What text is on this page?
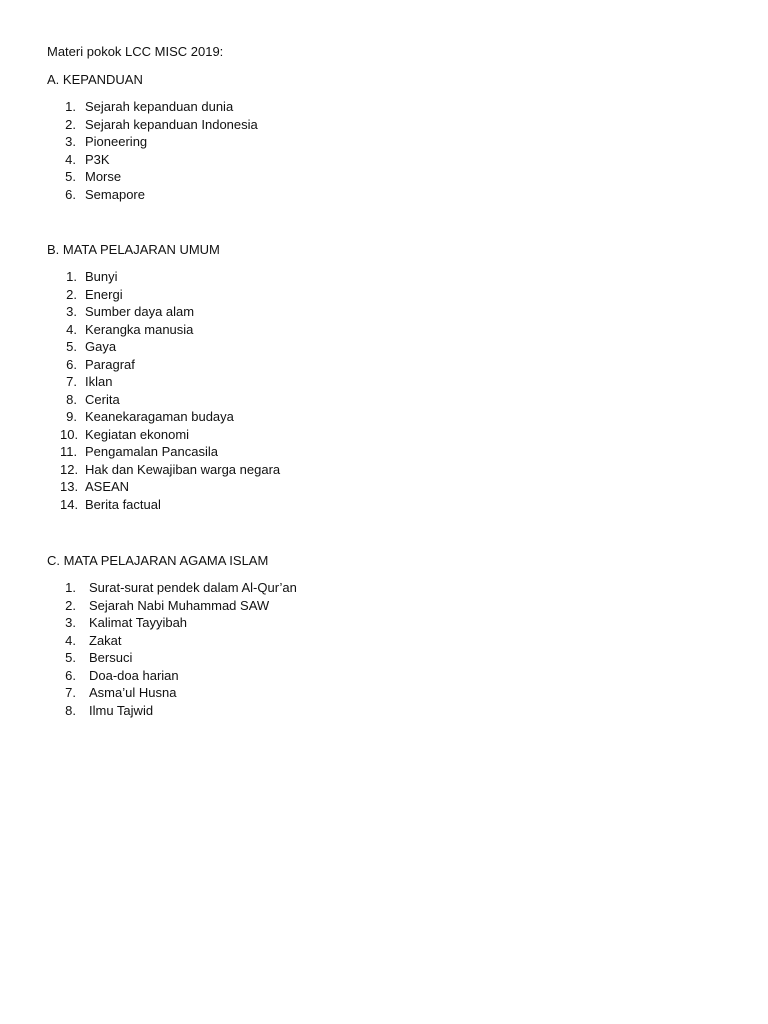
Materi pokok LCC MISC 2019:
A. KEPANDUAN
1. Sejarah kepanduan dunia
2. Sejarah kepanduan Indonesia
3. Pioneering
4. P3K
5. Morse
6. Semapore
B. MATA PELAJARAN UMUM
1. Bunyi
2. Energi
3. Sumber daya alam
4. Kerangka manusia
5. Gaya
6. Paragraf
7. Iklan
8. Cerita
9. Keanekaragaman budaya
10. Kegiatan ekonomi
11. Pengamalan Pancasila
12. Hak dan Kewajiban warga negara
13. ASEAN
14. Berita factual
C. MATA PELAJARAN AGAMA ISLAM
1. Surat-surat pendek dalam Al-Qur’an
2. Sejarah Nabi Muhammad SAW
3. Kalimat Tayyibah
4. Zakat
5. Bersuci
6. Doa-doa harian
7. Asma’ul Husna
8. Ilmu Tajwid
